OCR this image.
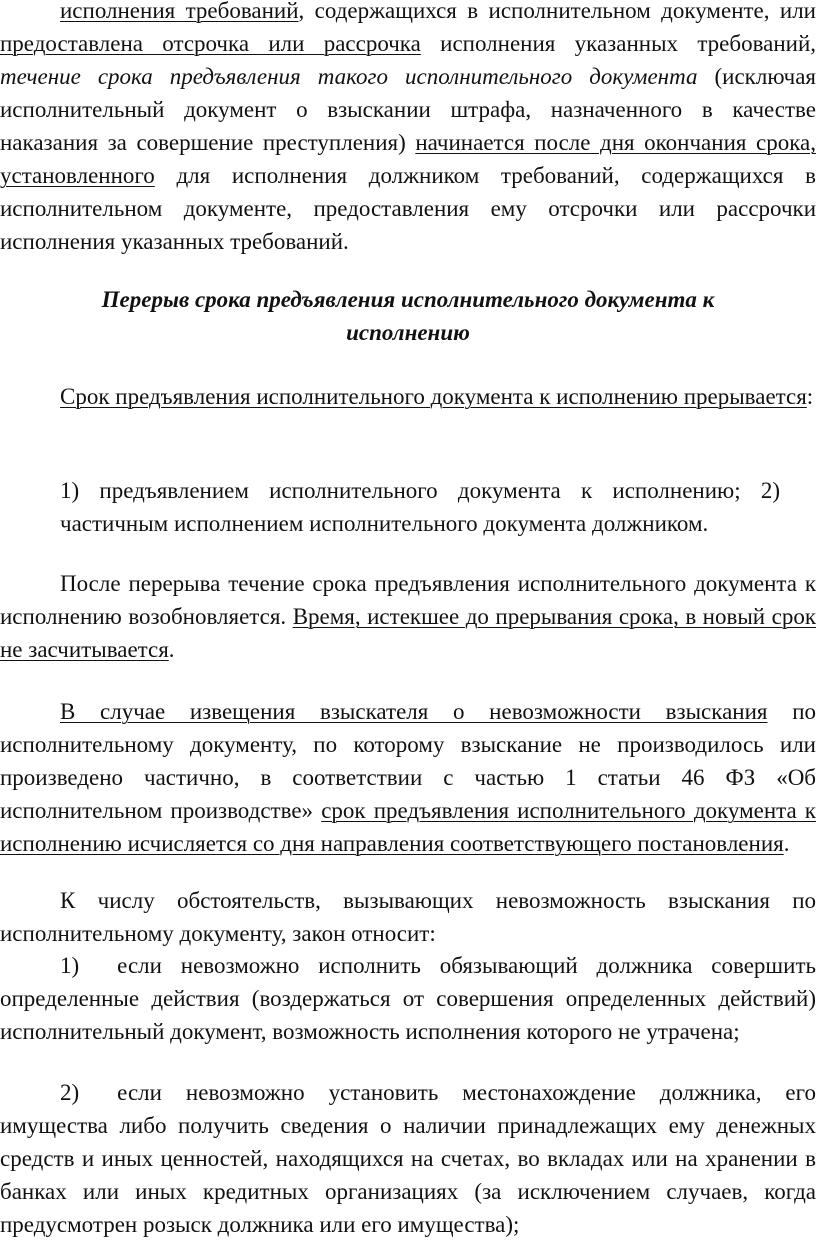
исполнения требований, содержащихся в исполнительном документе, или предоставлена отсрочка или рассрочка исполнения указанных требований, течение срока предъявления такого исполнительного документа (исключая исполнительный документ о взыскании штрафа, назначенного в качестве наказания за совершение преступления) начинается после дня окончания срока, установленного для исполнения должником требований, содержащихся в исполнительном документе, предоставления ему отсрочки или рассрочки исполнения указанных требований.

Перерыв срока предъявления исполнительного документа к
исполнению

Срок предъявления исполнительного документа к исполнению прерывается:

1) предъявлением исполнительного документа к исполнению; 2) частичным исполнением исполнительного документа должником.

После перерыва течение срока предъявления исполнительного документа к исполнению возобновляется. Время, истекшее до прерывания срока, в новый срок не засчитывается.

В случае извещения взыскателя о невозможности взыскания по исполнительному документу, по которому взыскание не производилось или произведено частично, в соответствии с частью 1 статьи 46 ФЗ «Об исполнительном производстве» срок предъявления исполнительного документа к исполнению исчисляется со дня направления соответствующего постановления.

К числу обстоятельств, вызывающих невозможность взыскания по исполнительному документу, закон относит:

1) если невозможно исполнить обязывающий должника совершить определенные действия (воздержаться от совершения определенных действий) исполнительный документ, возможность исполнения которого не утрачена;

2) если невозможно установить местонахождение должника, его имущества либо получить сведения о наличии принадлежащих ему денежных средств и иных ценностей, находящихся на счетах, во вкладах или на хранении в банках или иных кредитных организациях (за исключением случаев, когда предусмотрен розыск должника или его имущества);
